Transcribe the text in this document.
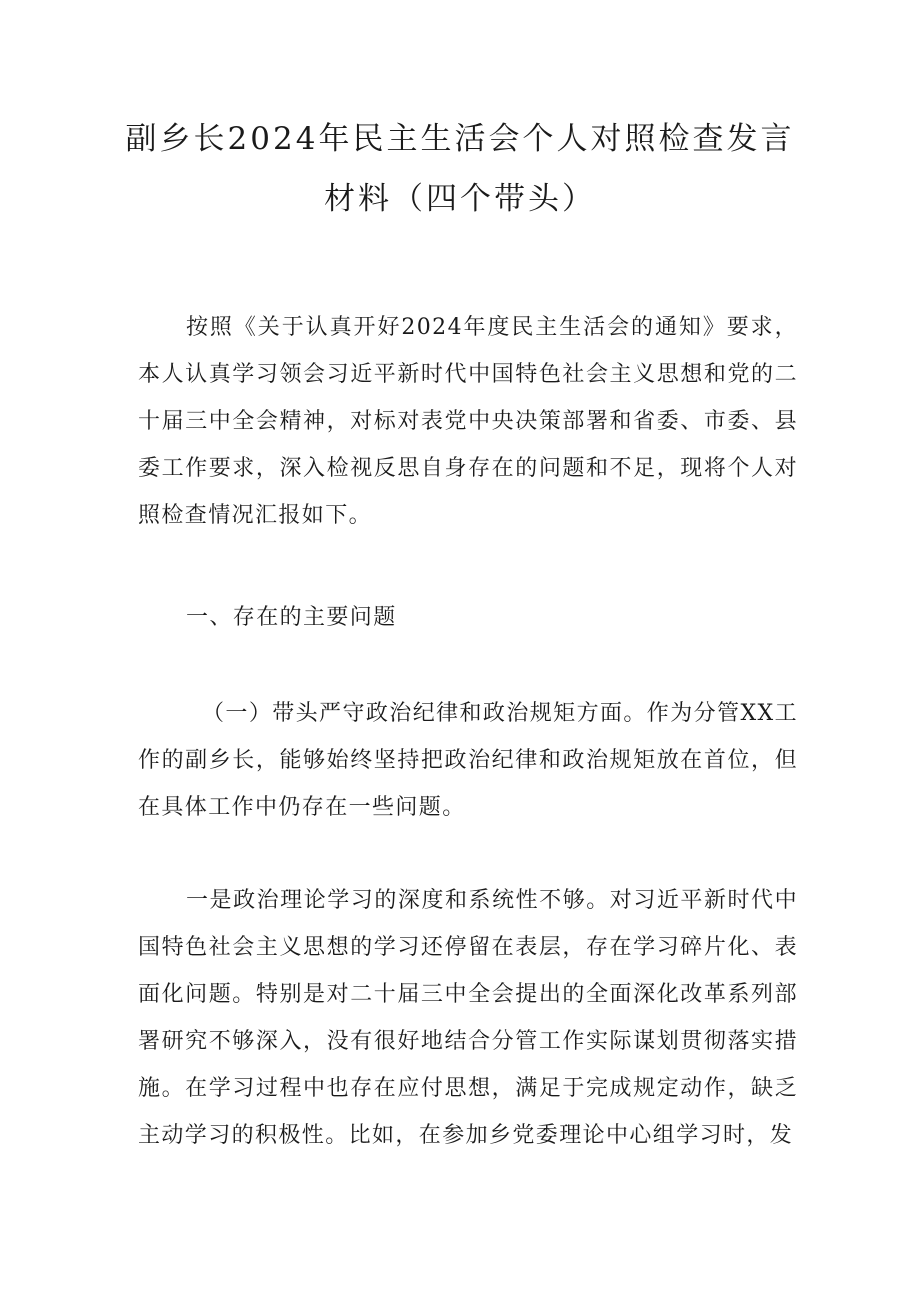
副乡长2024年民主生活会个人对照检查发言
材料（四个带头）

按照《关于认真开好2024年度民主生活会的通知》要求，本人认真学习领会习近平新时代中国特色社会主义思想和党的二十届三中全会精神，对标对表党中央决策部署和省委、市委、县委工作要求，深入检视反思自身存在的问题和不足，现将个人对照检查情况汇报如下。

一、存在的主要问题

（一）带头严守政治纪律和政治规矩方面。作为分管XX工作的副乡长，能够始终坚持把政治纪律和政治规矩放在首位，但在具体工作中仍存在一些问题。

一是政治理论学习的深度和系统性不够。对习近平新时代中国特色社会主义思想的学习还停留在表层，存在学习碎片化、表面化问题。特别是对二十届三中全会提出的全面深化改革系列部署研究不够深入，没有很好地结合分管工作实际谋划贯彻落实措施。在学习过程中也存在应付思想，满足于完成规定动作，缺乏主动学习的积极性。比如，在参加乡党委理论中心组学习时，发
